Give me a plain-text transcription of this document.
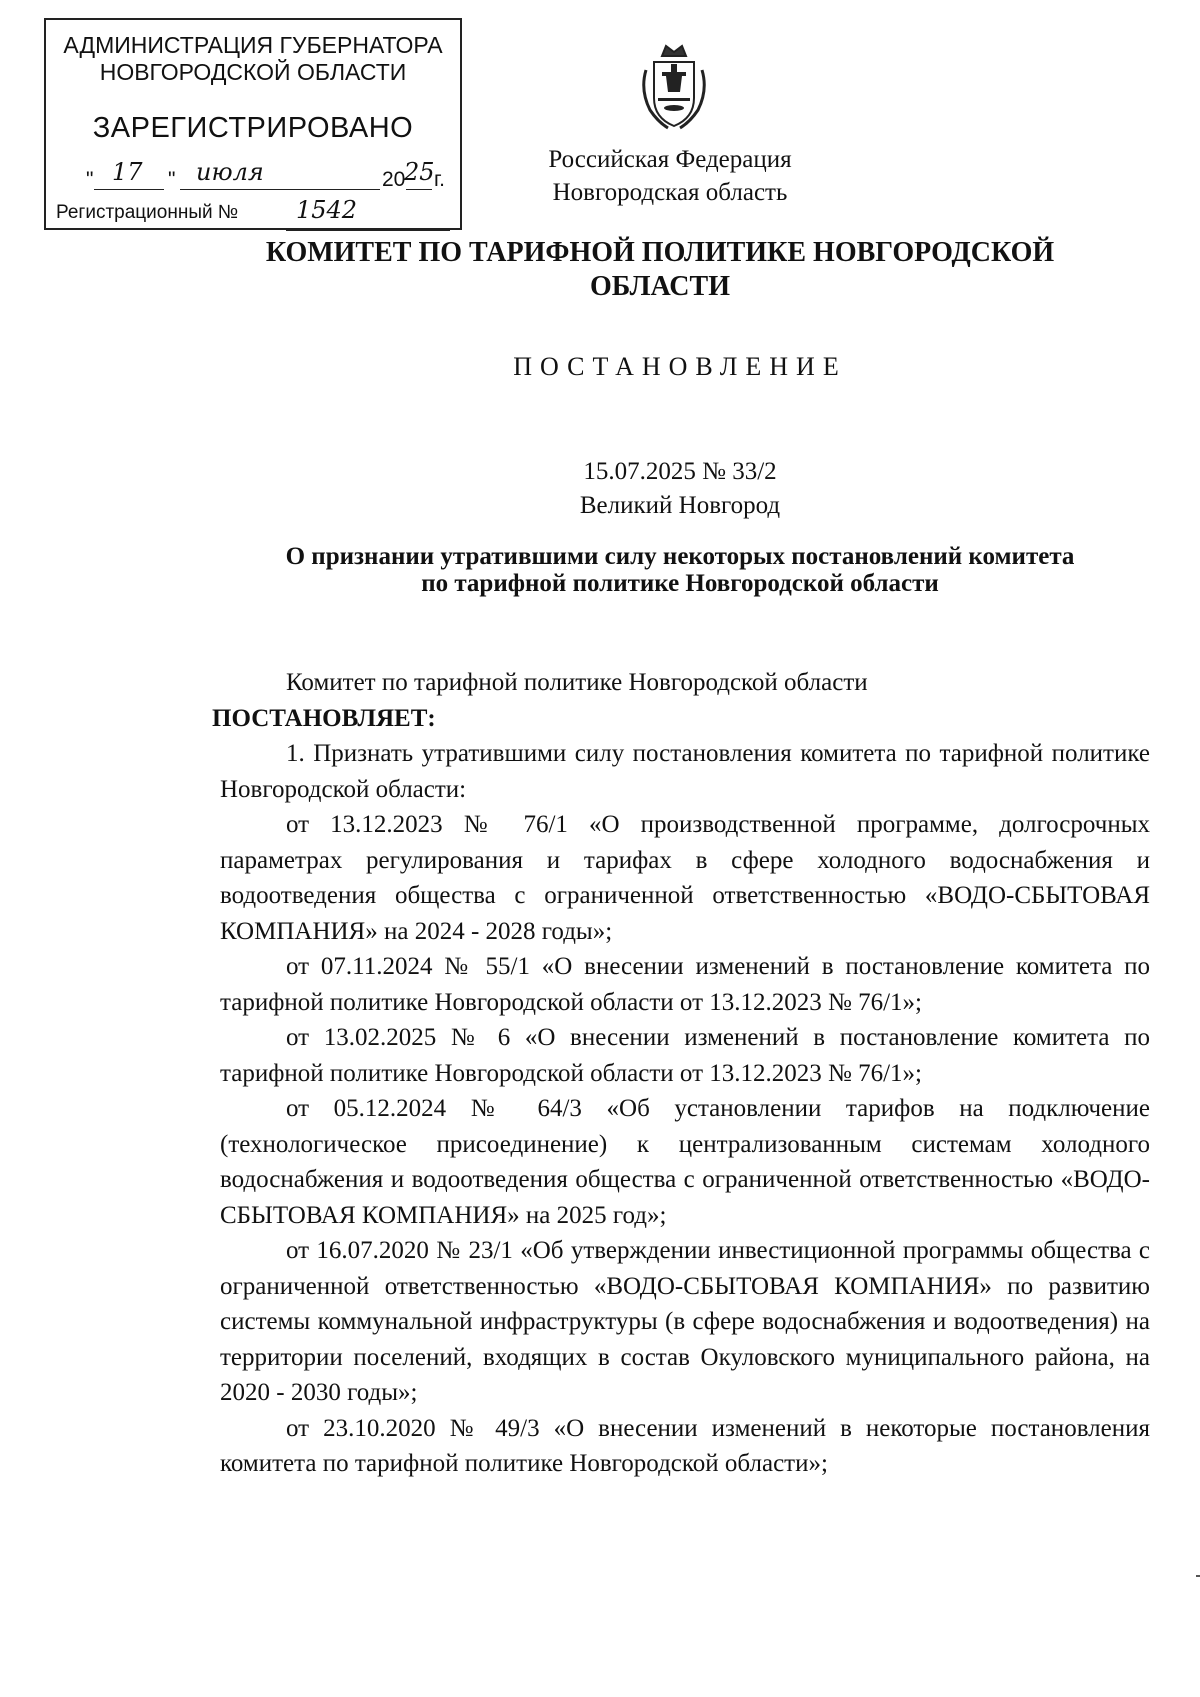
АДМИНИСТРАЦИЯ ГУБЕРНАТОРА
НОВГОРОДСКОЙ ОБЛАСТИ
ЗАРЕГИСТРИРОВАНО
" 17 " июля	20
25 г.
Регистрационный № 1542
Российская Федерация
Новгородская область
КОМИТЕТ ПО ТАРИФНОЙ ПОЛИТИКЕ НОВГОРОДСКОЙ
ОБЛАСТИ
ПОСТАНОВЛЕНИЕ
15.07.2025 № 33/2
Великий Новгород
О признании утратившими силу некоторых постановлений комитета
по тарифной политике Новгородской области

Комитет по тарифной политике Новгородской области

ПОСТАНОВЛЯЕТ:

1. Признать утратившими силу постановления комитета по тарифной политике Новгородской области:

от 13.12.2023 № 76/1 «О производственной программе, долгосрочных параметрах регулирования и тарифах в сфере холодного водоснабжения и водоотведения общества с ограниченной ответственностью «ВОДО-СБЫТОВАЯ КОМПАНИЯ» на 2024 - 2028 годы»;

от 07.11.2024 № 55/1 «О внесении изменений в постановление комитета по тарифной политике Новгородской области от 13.12.2023 № 76/1»;

от 13.02.2025 № 6 «О внесении изменений в постановление комитета по тарифной политике Новгородской области от 13.12.2023 № 76/1»;

от 05.12.2024 № 64/3 «Об установлении тарифов на подключение (технологическое присоединение) к централизованным системам холодного водоснабжения и водоотведения общества с ограниченной ответственностью «ВОДО-СБЫТОВАЯ КОМПАНИЯ» на 2025 год»;

от 16.07.2020 № 23/1 «Об утверждении инвестиционной программы общества с ограниченной ответственностью «ВОДО-СБЫТОВАЯ КОМПАНИЯ» по развитию системы коммунальной инфраструктуры (в сфере водоснабжения и водоотведения) на территории поселений, входящих в состав Окуловского муниципального района, на 2020 - 2030 годы»;

от 23.10.2020 № 49/3 «О внесении изменений в некоторые постановления комитета по тарифной политике Новгородской области»;
